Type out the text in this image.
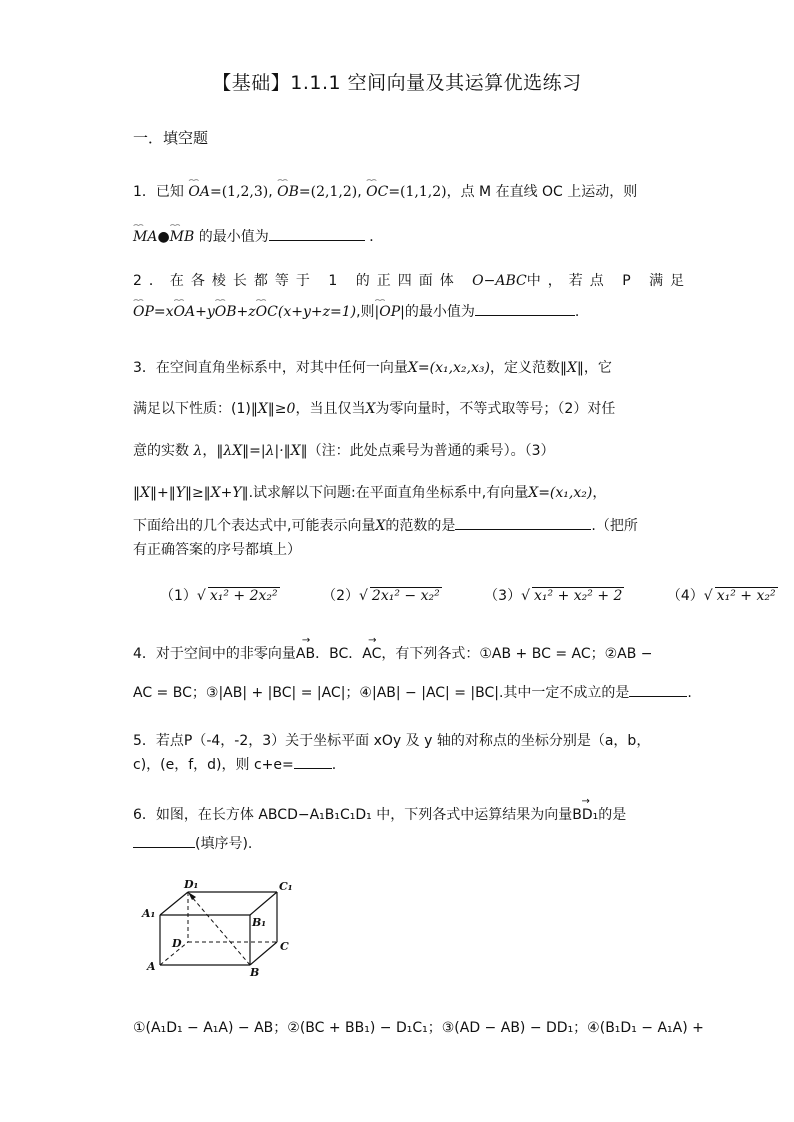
【基础】1.1.1 空间向量及其运算优选练习
一．填空题
1．已知 ⌢⌢ OA=(1,2,3), ⌢⌢ OB=(2,1,2), ⌢⌢ OC=(1,1,2)，点 M 在直线 OC 上运动，则
⌢⌢ MA●⌢⌢ MB 的最小值为	．
2．在各棱长都等于 1 的正四面体 O−ABC中，若点 P 满足
⌢⌢ OP=x⌢⌢ OA+y⌢⌢ OB+z⌢⌢ OC(x+y+z=1),则⌢⌢ |OP|的最小值为	.
3．在空间直角坐标系中，对其中任何一向量X=(x₁,x₂,x₃)，定义范数‖X‖，它
满足以下性质：(1)‖X‖≥0，当且仅当X为零向量时，不等式取等号；（2）对任
意的实数 λ，‖λX‖=|λ|·‖X‖（注：此处点乘号为普通的乘号）。（3）
‖X‖+‖Y‖≥‖X+Y‖.试求解以下问题:在平面直角坐标系中,有向量X=(x₁,x₂)，
下面给出的几个表达式中,可能表示向量X的范数的是	.（把所
有正确答案的序号都填上）
（1）√ x₁² + 2x₂²	（2）√ 2x₁² − x₂²	（3）√ x₁² + x₂² + 2	（4）√ x₁² + x₂²
4．对于空间中的非零向量→ AB．BC．→ AC，有下列各式：①AB + BC = AC；②AB −
AC = BC；③|AB| + |BC| = |AC|；④|AB| − |AC| = |BC|.其中一定不成立的是	.
5．若点P（-4，-2，3）关于坐标平面 xOy 及 y 轴的对称点的坐标分别是（a，b，
c)，(e，f，d)，则 c+e=	.
6．如图，在长方体 ABCD−A₁B₁C₁D₁ 中，下列各式中运算结果为向量→ BD₁的是
(填序号).
D₁	C₁
A₁
B₁
D	C
A	B
①(A₁D₁ − A₁A) − AB；②(BC + BB₁) − D₁C₁；③(AD − AB) − DD₁；④(B₁D₁ − A₁A) +
